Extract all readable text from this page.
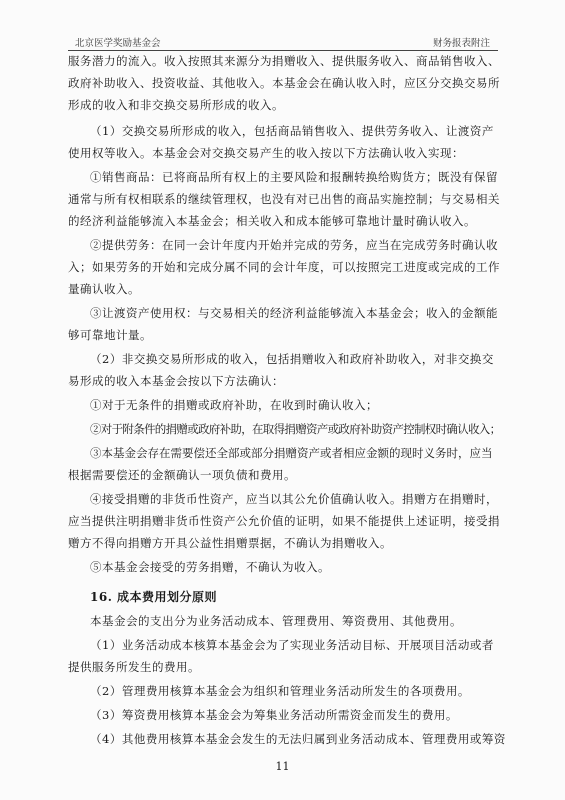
北京医学奖励基金会	财务报表附注
服务潜力的流入。收入按照其来源分为捐赠收入、提供服务收入、商品销售收入、
政府补助收入、投资收益、其他收入。本基金会在确认收入时，应区分交换交易所
形成的收入和非交换交易所形成的收入。
（1）交换交易所形成的收入，包括商品销售收入、提供劳务收入、让渡资产
使用权等收入。本基金会对交换交易产生的收入按以下方法确认收入实现：
①销售商品：已将商品所有权上的主要风险和报酬转换给购货方；既没有保留
通常与所有权相联系的继续管理权，也没有对已出售的商品实施控制；与交易相关
的经济利益能够流入本基金会；相关收入和成本能够可靠地计量时确认收入。
②提供劳务：在同一会计年度内开始并完成的劳务，应当在完成劳务时确认收
入；如果劳务的开始和完成分属不同的会计年度，可以按照完工进度或完成的工作
量确认收入。
③让渡资产使用权：与交易相关的经济利益能够流入本基金会；收入的金额能
够可靠地计量。
（2）非交换交易所形成的收入，包括捐赠收入和政府补助收入，对非交换交
易形成的收入本基金会按以下方法确认：
①对于无条件的捐赠或政府补助，在收到时确认收入；
②对于附条件的捐赠或政府补助，在取得捐赠资产或政府补助资产控制权时确认收入；
③本基金会存在需要偿还全部或部分捐赠资产或者相应金额的现时义务时，应当
根据需要偿还的金额确认一项负债和费用。
④接受捐赠的非货币性资产，应当以其公允价值确认收入。捐赠方在捐赠时，
应当提供注明捐赠非货币性资产公允价值的证明，如果不能提供上述证明，接受捐
赠方不得向捐赠方开具公益性捐赠票据，不确认为捐赠收入。
⑤本基金会接受的劳务捐赠，不确认为收入。
16. 成本费用划分原则
本基金会的支出分为业务活动成本、管理费用、筹资费用、其他费用。
（1）业务活动成本核算本基金会为了实现业务活动目标、开展项目活动或者
提供服务所发生的费用。
（2）管理费用核算本基金会为组织和管理业务活动所发生的各项费用。
（3）筹资费用核算本基金会为筹集业务活动所需资金而发生的费用。
（4）其他费用核算本基金会发生的无法归属到业务活动成本、管理费用或筹资
11
